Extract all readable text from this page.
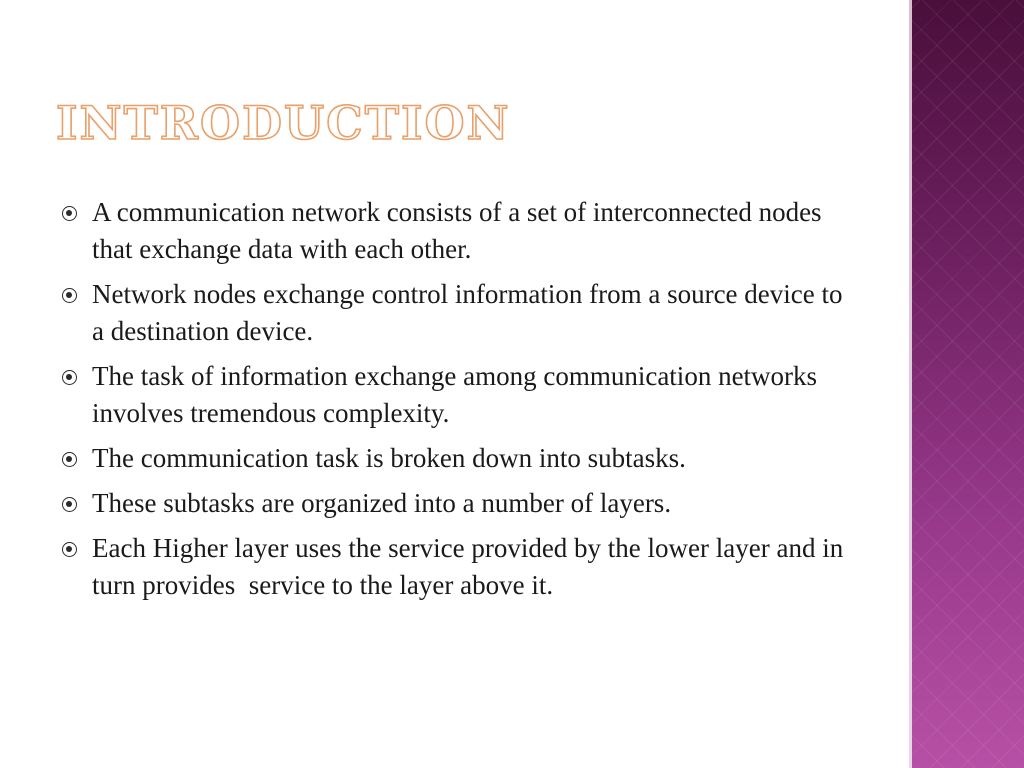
INTRODUCTION
A communication network consists of a set of interconnected nodes that exchange data with each other.
Network nodes exchange control information from a source device to a destination device.
The task of information exchange among communication networks involves tremendous complexity.
The communication task is broken down into subtasks.
These subtasks are organized into a number of layers.
Each Higher layer uses the service provided by the lower layer and in turn provides  service to the layer above it.
